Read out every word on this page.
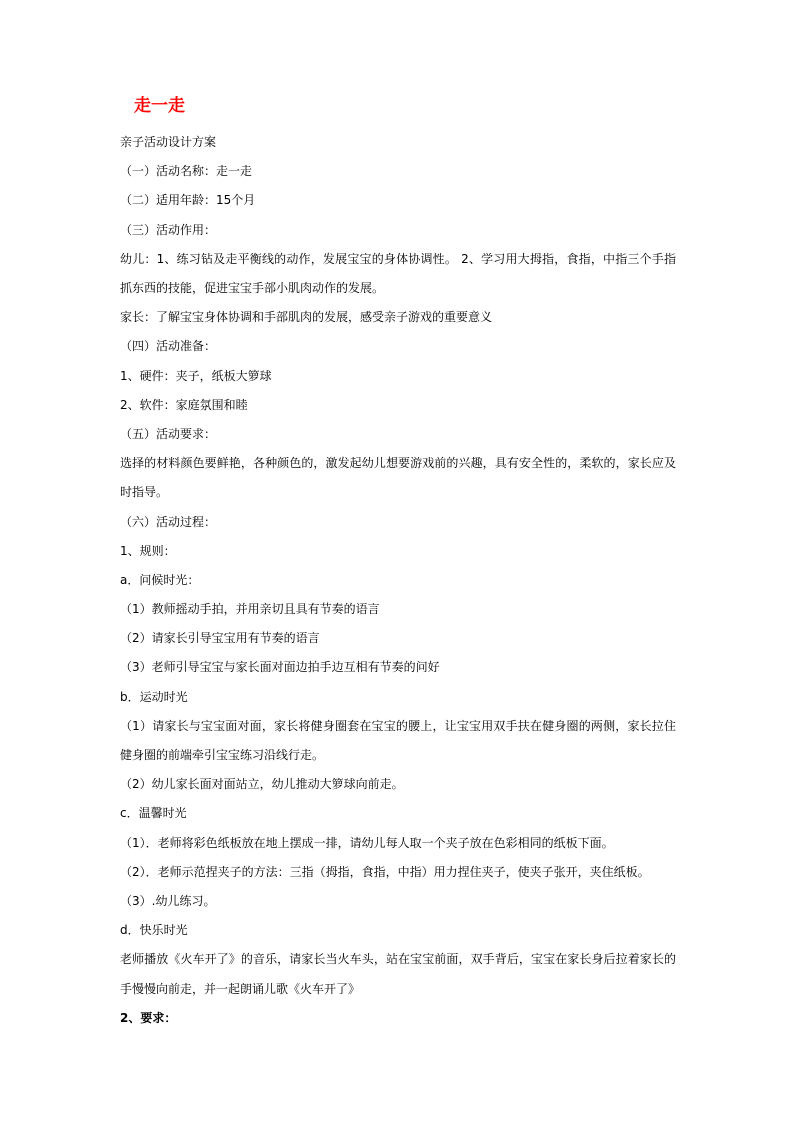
走一走
亲子活动设计方案
（一）活动名称：走一走
（二）适用年龄：15个月
（三）活动作用：
幼儿：1、练习钻及走平衡线的动作，发展宝宝的身体协调性。 2、学习用大拇指，食指，中指三个手指抓东西的技能，促进宝宝手部小肌肉动作的发展。
家长：了解宝宝身体协调和手部肌肉的发展，感受亲子游戏的重要意义
（四）活动准备：
1、硬件：夹子，纸板大箩球
2、软件：家庭氛围和睦
（五）活动要求：
选择的材料颜色要鲜艳，各种颜色的，激发起幼儿想要游戏前的兴趣，具有安全性的，柔软的，家长应及时指导。
（六）活动过程：
1、规则：
a．问候时光：
（1）教师摇动手拍，并用亲切且具有节奏的语言
（2）请家长引导宝宝用有节奏的语言
（3）老师引导宝宝与家长面对面边拍手边互相有节奏的问好
b．运动时光
（1）请家长与宝宝面对面，家长将健身圈套在宝宝的腰上，让宝宝用双手扶在健身圈的两侧，家长拉住健身圈的前端牵引宝宝练习沿线行走。
（2）幼儿家长面对面站立，幼儿推动大箩球向前走。
c．温馨时光
（1）．老师将彩色纸板放在地上摆成一排，请幼儿每人取一个夹子放在色彩相同的纸板下面。
（2）．老师示范捏夹子的方法：三指（拇指，食指，中指）用力捏住夹子，使夹子张开，夹住纸板。
（3）.幼儿练习。
d．快乐时光
老师播放《火车开了》的音乐，请家长当火车头，站在宝宝前面，双手背后，宝宝在家长身后拉着家长的手慢慢向前走，并一起朗诵儿歌《火车开了》
2、要求：
